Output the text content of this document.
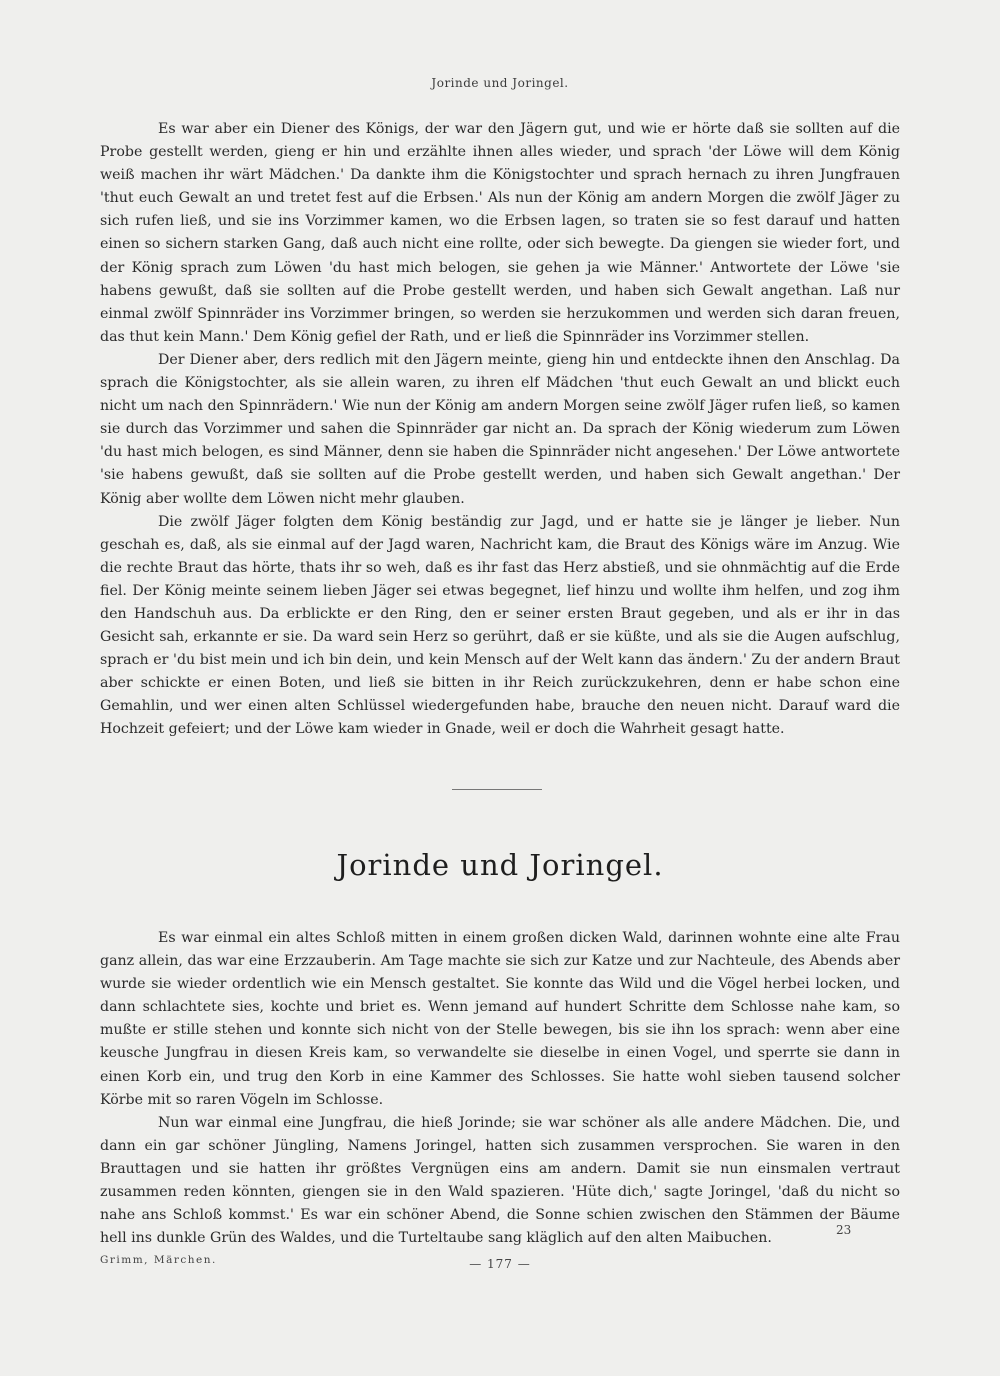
Jorinde und Joringel.

Es war aber ein Diener des Königs, der war den Jägern gut, und wie er hörte daß sie sollten auf die Probe gestellt werden, gieng er hin und erzählte ihnen alles wieder, und sprach 'der Löwe will dem König weiß machen ihr wärt Mädchen.' Da dankte ihm die Königstochter und sprach hernach zu ihren Jungfrauen 'thut euch Gewalt an und tretet fest auf die Erbsen.' Als nun der König am andern Morgen die zwölf Jäger zu sich rufen ließ, und sie ins Vorzimmer kamen, wo die Erbsen lagen, so traten sie so fest darauf und hatten einen so sichern starken Gang, daß auch nicht eine rollte, oder sich bewegte. Da giengen sie wieder fort, und der König sprach zum Löwen 'du hast mich belogen, sie gehen ja wie Männer.' Antwortete der Löwe 'sie habens gewußt, daß sie sollten auf die Probe gestellt werden, und haben sich Gewalt angethan. Laß nur einmal zwölf Spinnräder ins Vorzimmer bringen, so werden sie herzukommen und werden sich daran freuen, das thut kein Mann.' Dem König gefiel der Rath, und er ließ die Spinnräder ins Vorzimmer stellen.

Der Diener aber, ders redlich mit den Jägern meinte, gieng hin und entdeckte ihnen den Anschlag. Da sprach die Königstochter, als sie allein waren, zu ihren elf Mädchen 'thut euch Gewalt an und blickt euch nicht um nach den Spinnrädern.' Wie nun der König am andern Morgen seine zwölf Jäger rufen ließ, so kamen sie durch das Vorzimmer und sahen die Spinnräder gar nicht an. Da sprach der König wiederum zum Löwen 'du hast mich belogen, es sind Männer, denn sie haben die Spinnräder nicht angesehen.' Der Löwe antwortete 'sie habens gewußt, daß sie sollten auf die Probe gestellt werden, und haben sich Gewalt angethan.' Der König aber wollte dem Löwen nicht mehr glauben.

Die zwölf Jäger folgten dem König beständig zur Jagd, und er hatte sie je länger je lieber. Nun geschah es, daß, als sie einmal auf der Jagd waren, Nachricht kam, die Braut des Königs wäre im Anzug. Wie die rechte Braut das hörte, thats ihr so weh, daß es ihr fast das Herz abstieß, und sie ohnmächtig auf die Erde fiel. Der König meinte seinem lieben Jäger sei etwas begegnet, lief hinzu und wollte ihm helfen, und zog ihm den Handschuh aus. Da erblickte er den Ring, den er seiner ersten Braut gegeben, und als er ihr in das Gesicht sah, erkannte er sie. Da ward sein Herz so gerührt, daß er sie küßte, und als sie die Augen aufschlug, sprach er 'du bist mein und ich bin dein, und kein Mensch auf der Welt kann das ändern.' Zu der andern Braut aber schickte er einen Boten, und ließ sie bitten in ihr Reich zurückzukehren, denn er habe schon eine Gemahlin, und wer einen alten Schlüssel wiedergefunden habe, brauche den neuen nicht. Darauf ward die Hochzeit gefeiert; und der Löwe kam wieder in Gnade, weil er doch die Wahrheit gesagt hatte.

Jorinde und Joringel.

Es war einmal ein altes Schloß mitten in einem großen dicken Wald, darinnen wohnte eine alte Frau ganz allein, das war eine Erzzauberin. Am Tage machte sie sich zur Katze und zur Nachteule, des Abends aber wurde sie wieder ordentlich wie ein Mensch gestaltet. Sie konnte das Wild und die Vögel herbei locken, und dann schlachtete sies, kochte und briet es. Wenn jemand auf hundert Schritte dem Schlosse nahe kam, so mußte er stille stehen und konnte sich nicht von der Stelle bewegen, bis sie ihn los sprach: wenn aber eine keusche Jungfrau in diesen Kreis kam, so verwandelte sie dieselbe in einen Vogel, und sperrte sie dann in einen Korb ein, und trug den Korb in eine Kammer des Schlosses. Sie hatte wohl sieben tausend solcher Körbe mit so raren Vögeln im Schlosse.

Nun war einmal eine Jungfrau, die hieß Jorinde; sie war schöner als alle andere Mädchen. Die, und dann ein gar schöner Jüngling, Namens Joringel, hatten sich zusammen versprochen. Sie waren in den Brauttagen und sie hatten ihr größtes Vergnügen eins am andern. Damit sie nun einsmalen vertraut zusammen reden könnten, giengen sie in den Wald spazieren. 'Hüte dich,' sagte Joringel, 'daß du nicht so nahe ans Schloß kommst.' Es war ein schöner Abend, die Sonne schien zwischen den Stämmen der Bäume hell ins dunkle Grün des Waldes, und die Turteltaube sang kläglich auf den alten Maibuchen.

23
Grimm, Märchen.	— 177 —
